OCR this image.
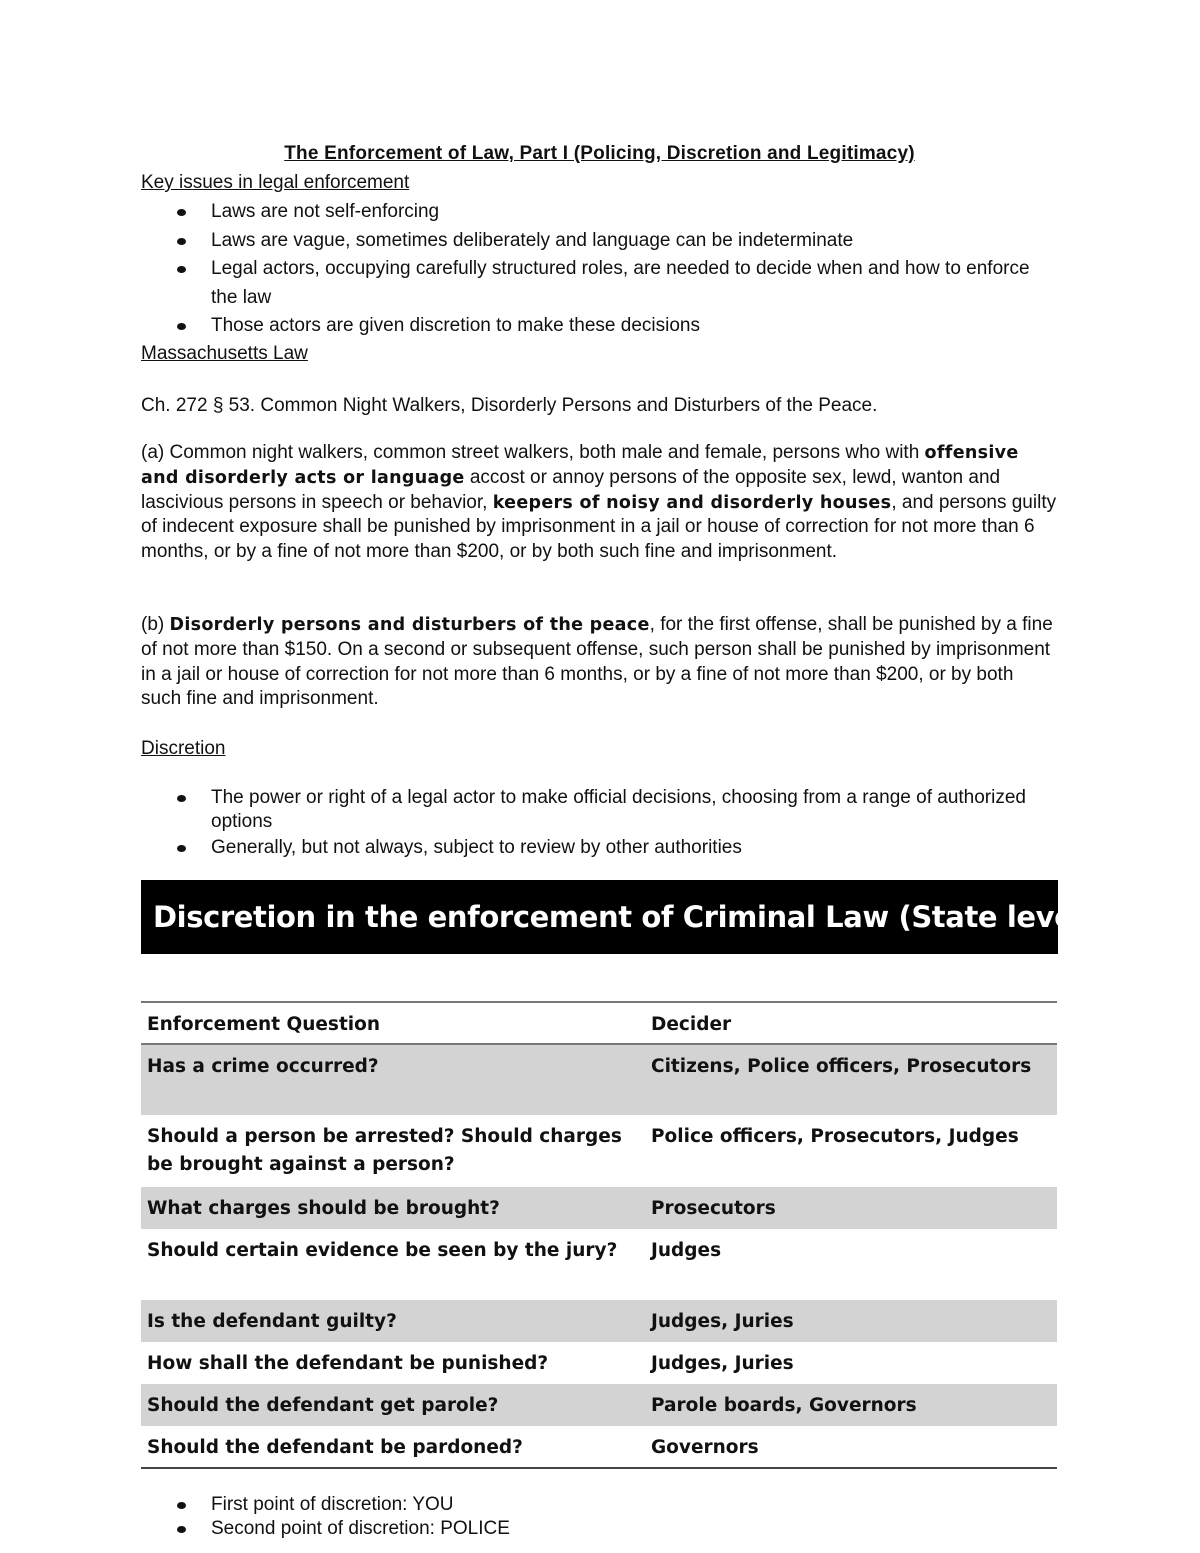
The Enforcement of Law, Part I (Policing, Discretion and Legitimacy)
Key issues in legal enforcement
Laws are not self-enforcing
Laws are vague, sometimes deliberately and language can be indeterminate
Legal actors, occupying carefully structured roles, are needed to decide when and how to enforce the law
Those actors are given discretion to make these decisions
Massachusetts Law
Ch. 272 § 53. Common Night Walkers, Disorderly Persons and Disturbers of the Peace.
(a) Common night walkers, common street walkers, both male and female, persons who with offensive and disorderly acts or language accost or annoy persons of the opposite sex, lewd, wanton and lascivious persons in speech or behavior, keepers of noisy and disorderly houses, and persons guilty of indecent exposure shall be punished by imprisonment in a jail or house of correction for not more than 6 months, or by a fine of not more than $200, or by both such fine and imprisonment.
(b) Disorderly persons and disturbers of the peace, for the first offense, shall be punished by a fine of not more than $150. On a second or subsequent offense, such person shall be punished by imprisonment in a jail or house of correction for not more than 6 months, or by a fine of not more than $200, or by both such fine and imprisonment.
Discretion
The power or right of a legal actor to make official decisions, choosing from a range of authorized options
Generally, but not always, subject to review by other authorities
Discretion in the enforcement of Criminal Law (State level)
Enforcement Question	Decider
Has a crime occurred?	Citizens, Police officers, Prosecutors
Should a person be arrested? Should charges be brought against a person?	Police officers, Prosecutors, Judges
What charges should be brought?	Prosecutors
Should certain evidence be seen by the jury?	Judges
Is the defendant guilty?	Judges, Juries
How shall the defendant be punished?	Judges, Juries
Should the defendant get parole?	Parole boards, Governors
Should the defendant be pardoned?	Governors
First point of discretion: YOU
Second point of discretion: POLICE
